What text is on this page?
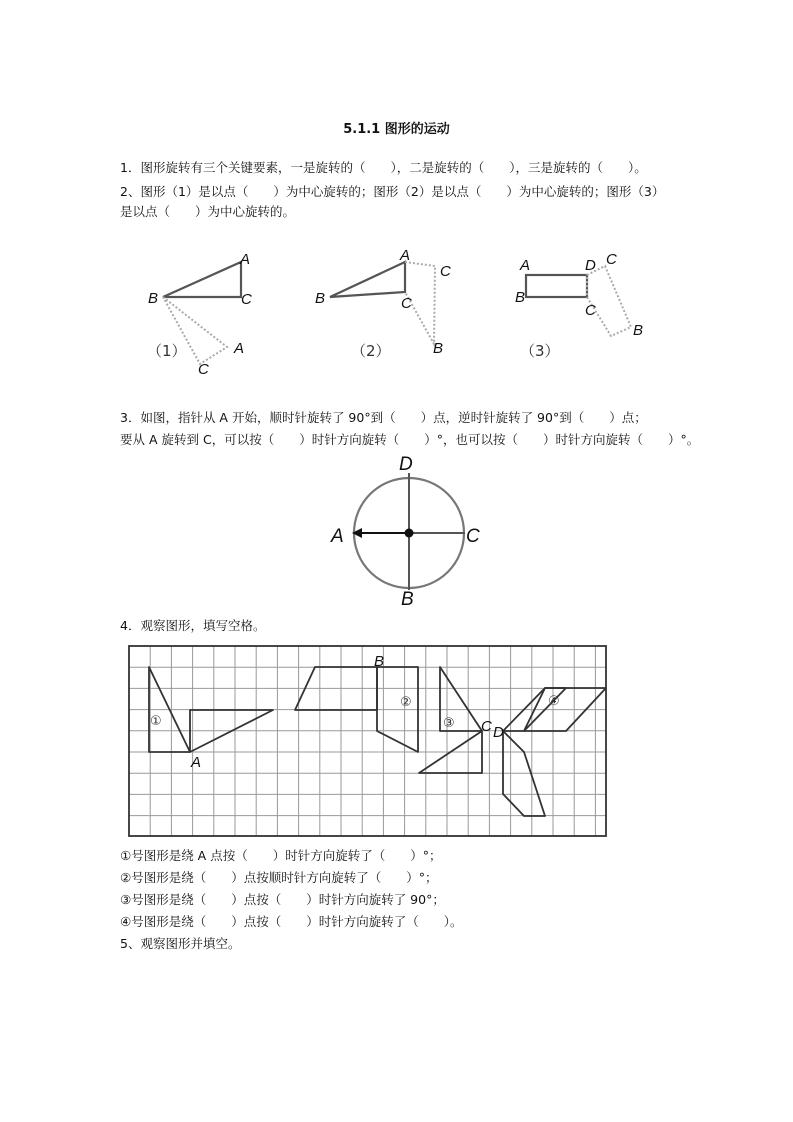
5.1.1 图形的运动
1．图形旋转有三个关键要素，一是旋转的（　　），二是旋转的（　　），三是旋转的（　　）。
2、图形（1）是以点（　　）为中心旋转的；图形（2）是以点（　　）为中心旋转的；图形（3）
是以点（　　）为中心旋转的。
A
B	C
A
C
（1）
A
B	C
C
B
（2）
A
B
D
C
C
B
（3）
3．如图，指针从 A 开始，顺时针旋转了 90°到（　　）点，逆时针旋转了 90°到（　　）点；
要从 A 旋转到 C，可以按（　　）时针方向旋转（　　）°，也可以按（　　）时针方向旋转（　　）°。
D
B
A	C
4．观察图形，填写空格。
B
A
C D
①
②
③
④
①号图形是绕 A 点按（　　）时针方向旋转了（　　）°；
②号图形是绕（　　）点按顺时针方向旋转了（　　）°；
③号图形是绕（　　）点按（　　）时针方向旋转了 90°；
④号图形是绕（　　）点按（　　）时针方向旋转了（　　）。
5、观察图形并填空。
